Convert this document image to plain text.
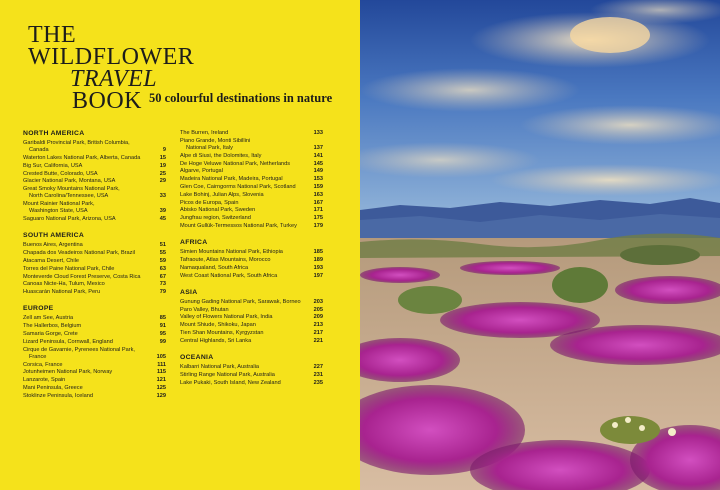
THE
WILDFLOWER
TRAVEL
BOOK 50 colourful destinations in nature
NORTH AMERICA
Garibaldi Provincial Park, British Columbia,
Canada	9
Waterton Lakes National Park, Alberta, Canada	15
Big Sur, California, USA	19
Crested Butte, Colorado, USA	25
Glacier National Park, Montana, USA	29
Great Smoky Mountains National Park,
North Carolina/Tennessee, USA	33
Mount Rainier National Park,
Washington State, USA	39
Saguaro National Park, Arizona, USA	45
SOUTH AMERICA
Buenos Aires, Argentina	51
Chapada dos Veadeiros National Park, Brazil	55
Atacama Desert, Chile	59
Torres del Paine National Park, Chile	63
Monteverde Cloud Forest Preserve, Costa Rica	67
Canoas Nicte-Ha, Tulum, Mexico	73
Huascarán National Park, Peru	79
EUROPE
Zell am See, Austria	85
The Hallerbos, Belgium	91
Samaria Gorge, Crete	95
Lizard Peninsula, Cornwall, England	99
Cirque de Gavarnie, Pyrenees National Park,
France	105
Corsica, France	111
Jotunheimen National Park, Norway	115
Lanzarote, Spain	121
Mani Peninsula, Greece	125
Stoklinze Peninsula, Iceland	129
The Burren, Ireland	133
Piano Grande, Monti Sibillini
National Park, Italy	137
Alpe di Siusi, the Dolomites, Italy	141
De Hoge Veluwe National Park, Netherlands	145
Algarve, Portugal	149
Madeira National Park, Madeira, Portugal	153
Glen Coe, Cairngorms National Park, Scotland	159
Lake Bohinj, Julian Alps, Slovenia	163
Picos de Europa, Spain	167
Abisko National Park, Sweden	171
Jungfrau region, Switzerland	175
Mount Gullük-Termessos National Park, Turkey	179
AFRICA
Simien Mountains National Park, Ethiopia	185
Tafraoute, Atlas Mountains, Morocco	189
Namaqualand, South Africa	193
West Coast National Park, South Africa	197
ASIA
Gunung Gading National Park, Sarawak, Borneo	203
Paro Valley, Bhutan	205
Valley of Flowers National Park, India	209
Mount Shiude, Shikoku, Japan	213
Tien Shan Mountains, Kyrgyzstan	217
Central Highlands, Sri Lanka	221
OCEANIA
Kalbarri National Park, Australia	227
Stirling Range National Park, Australia	231
Lake Pukaki, South Island, New Zealand	235
